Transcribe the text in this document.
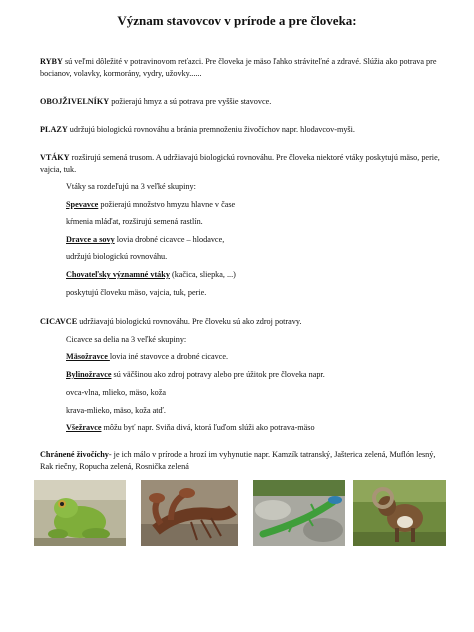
Význam stavovcov v prírode a pre človeka:
RYBY sú veľmi dôležité v potravinovom reťazci. Pre človeka je mäso ľahko stráviteľné a zdravé. Slúžia ako potrava pre bocianov, volavky, kormorány, vydry, užovky......
OBOJŽIVELNÍKY požierajú hmyz a sú potrava pre vyššie stavovce.
PLAZY udržujú biologickú rovnováhu a bránia premnoženiu živočíchov napr. hlodavcov-myši.
VTÁKY rozširujú semená trusom. A udržiavajú biologickú rovnováhu. Pre človeka niektoré vtáky poskytujú mäso, perie, vajcia, tuk.
Vtáky sa rozdeľujú na 3 veľké skupiny:
Spevavce požierajú množstvo hmyzu hlavne v čase
kŕmenia mláďat, rozširujú semená rastlín.
Dravce a sovy lovia drobné cicavce – hlodavce,
udržujú biologickú rovnováhu.
Chovateľsky významné vtáky (kačica, sliepka, ...)
poskytujú človeku mäso, vajcia, tuk, perie.
CICAVCE udržiavajú biologickú rovnováhu. Pre človeku sú ako zdroj potravy.
Cicavce sa delia na 3 veľké skupiny:
Mäsožravce lovia iné stavovce a drobné cicavce.
Bylinožravce sú väčšinou ako zdroj potravy alebo pre úžitok pre človeka napr.
ovca-vlna, mlieko, mäso, koža
krava-mlieko, mäso, koža atď.
Všežravce môžu byť napr. Sviňa divá, ktorá ľuďom slúži ako potrava-mäso
Chránené živočíchy- je ich málo v prírode a hrozí im vyhynutie napr. Kamzík tatranský, Jašterica zelená, Muflón lesný, Rak riečny, Ropucha zelená, Rosnička zelená
